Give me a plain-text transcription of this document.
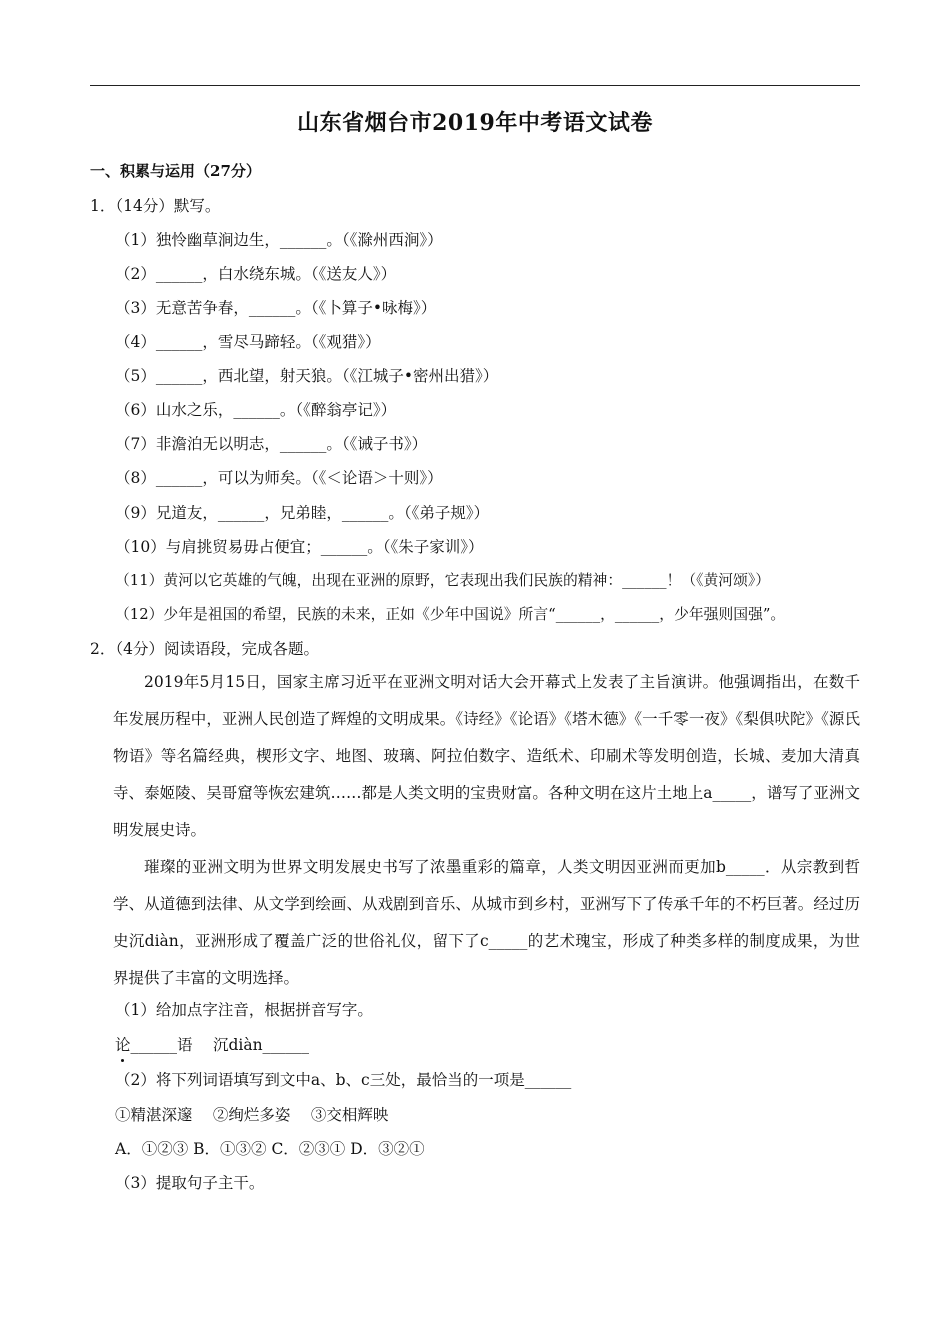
山东省烟台市2019年中考语文试卷
一、积累与运用（27分）
1．（14分）默写。
（1）独怜幽草涧边生，______。（《滁州西涧》）
（2）______，白水绕东城。（《送友人》）
（3）无意苦争春，______。（《卜算子•咏梅》）
（4）______，雪尽马蹄轻。（《观猎》）
（5）______，西北望，射天狼。（《江城子•密州出猎》）
（6）山水之乐，______。（《醉翁亭记》）
（7）非澹泊无以明志，______。（《诫子书》）
（8）______，可以为师矣。（《＜论语＞十则》）
（9）兄道友，______，兄弟睦，______。（《弟子规》）
（10）与肩挑贸易毋占便宜；______。（《朱子家训》）
（11）黄河以它英雄的气魄，出现在亚洲的原野，它表现出我们民族的精神：______！（《黄河颂》）
（12）少年是祖国的希望，民族的未来，正如《少年中国说》所言“______，______，少年强则国强”。
2．（4分）阅读语段，完成各题。
2019年5月15日，国家主席习近平在亚洲文明对话大会开幕式上发表了主旨演讲。他强调指出，在数千年发展历程中，亚洲人民创造了辉煌的文明成果。《诗经》《论语》《塔木德》《一千零一夜》《梨俱吠陀》《源氏物语》等名篇经典，楔形文字、地图、玻璃、阿拉伯数字、造纸术、印刷术等发明创造，长城、麦加大清真寺、泰姬陵、吴哥窟等恢宏建筑……都是人类文明的宝贵财富。各种文明在这片土地上a_____，谱写了亚洲文明发展史诗。
璀璨的亚洲文明为世界文明发展史书写了浓墨重彩的篇章，人类文明因亚洲而更加b_____．从宗教到哲学、从道德到法律、从文学到绘画、从戏剧到音乐、从城市到乡村，亚洲写下了传承千年的不朽巨著。经过历史沉diàn，亚洲形成了覆盖广泛的世俗礼仪，留下了c_____的艺术瑰宝，形成了种类多样的制度成果，为世界提供了丰富的文明选择。
（1）给加点字注音，根据拼音写字。
论______语　 沉diàn______
（2）将下列词语填写到文中a、b、c三处，最恰当的一项是______
①精湛深邃　 ②绚烂多姿　 ③交相辉映
A．①②③ B．①③② C．②③① D．③②①
（3）提取句子主干。
